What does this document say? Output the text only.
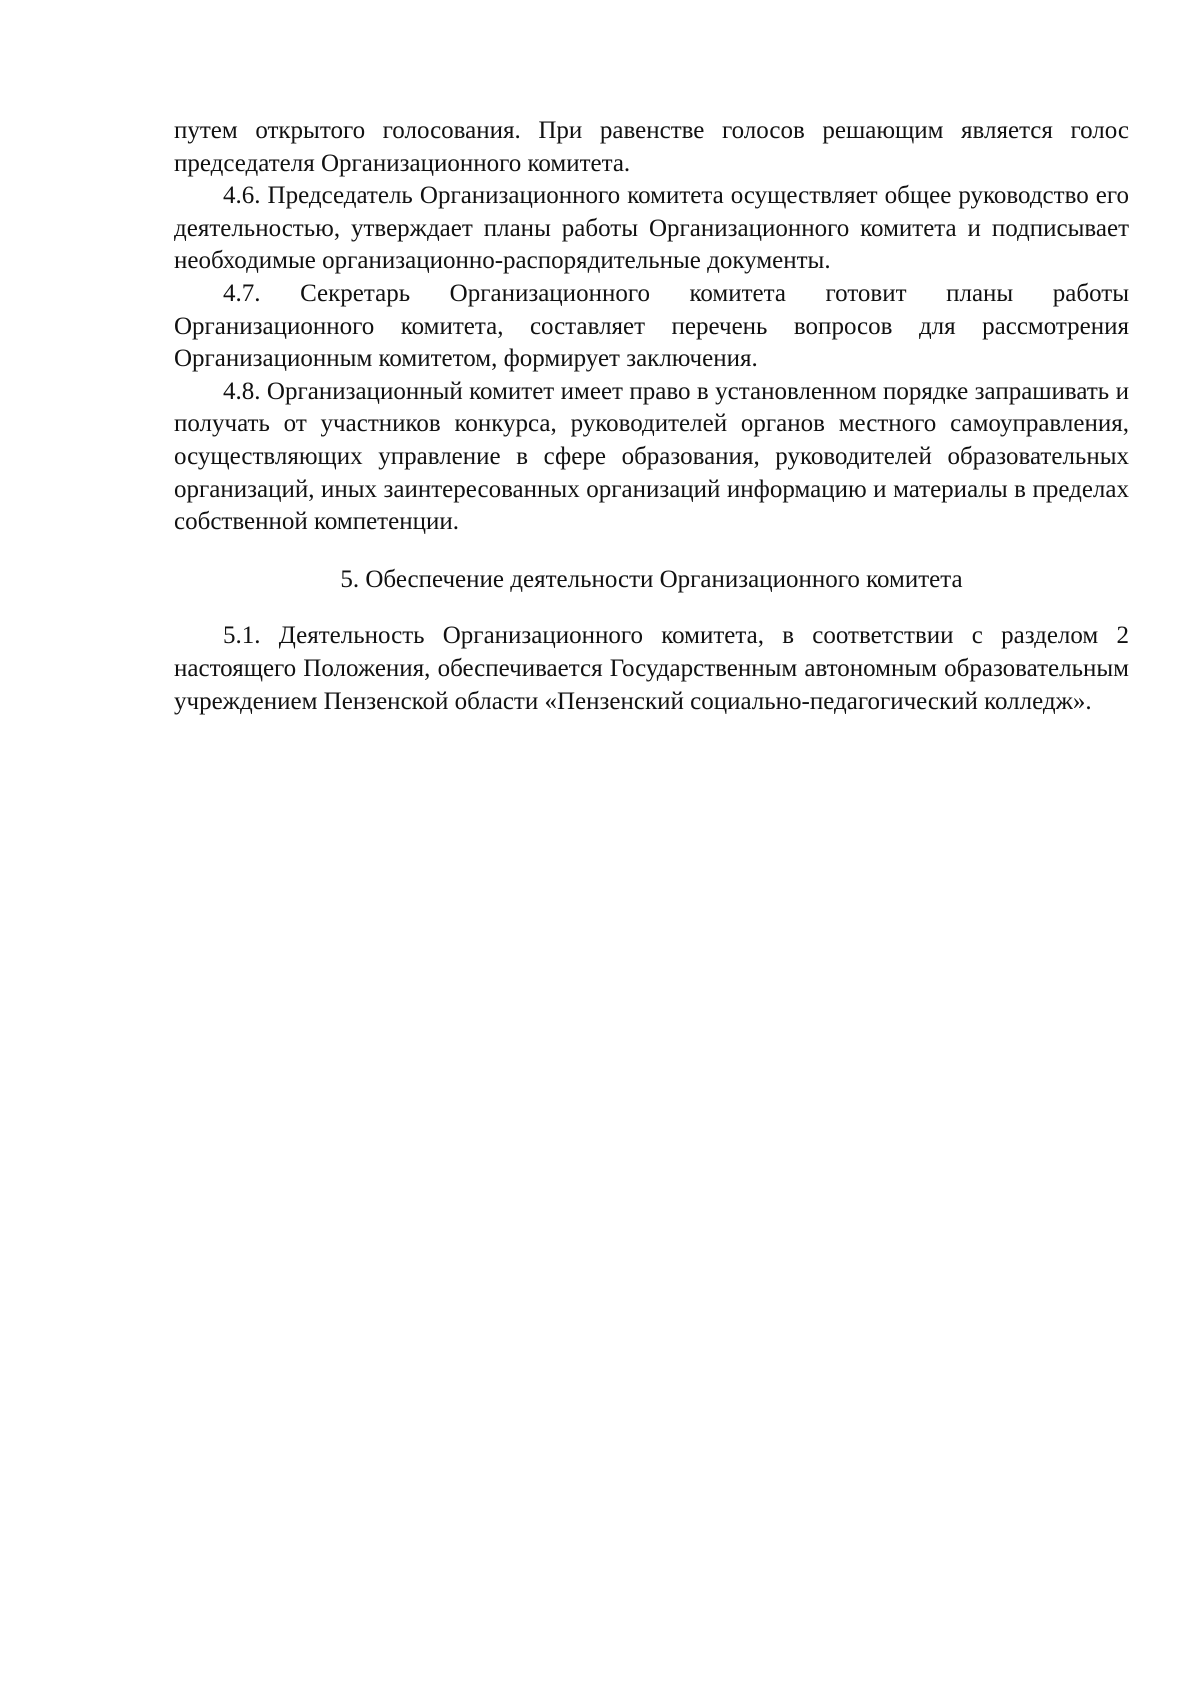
путем открытого голосования. При равенстве голосов решающим является голос председателя Организационного комитета.

4.6. Председатель Организационного комитета осуществляет общее руководство его деятельностью, утверждает планы работы Организационного комитета и подписывает необходимые организационно-распорядительные документы.

4.7. Секретарь Организационного комитета готовит планы работы Организационного комитета, составляет перечень вопросов для рассмотрения Организационным комитетом, формирует заключения.

4.8. Организационный комитет имеет право в установленном порядке запрашивать и получать от участников конкурса, руководителей органов местного самоуправления, осуществляющих управление в сфере образования, руководителей образовательных организаций, иных заинтересованных организаций информацию и материалы в пределах собственной компетенции.

5. Обеспечение деятельности Организационного комитета

5.1. Деятельность Организационного комитета, в соответствии с разделом 2 настоящего Положения, обеспечивается Государственным автономным образовательным учреждением Пензенской области «Пензенский социально-педагогический колледж».
